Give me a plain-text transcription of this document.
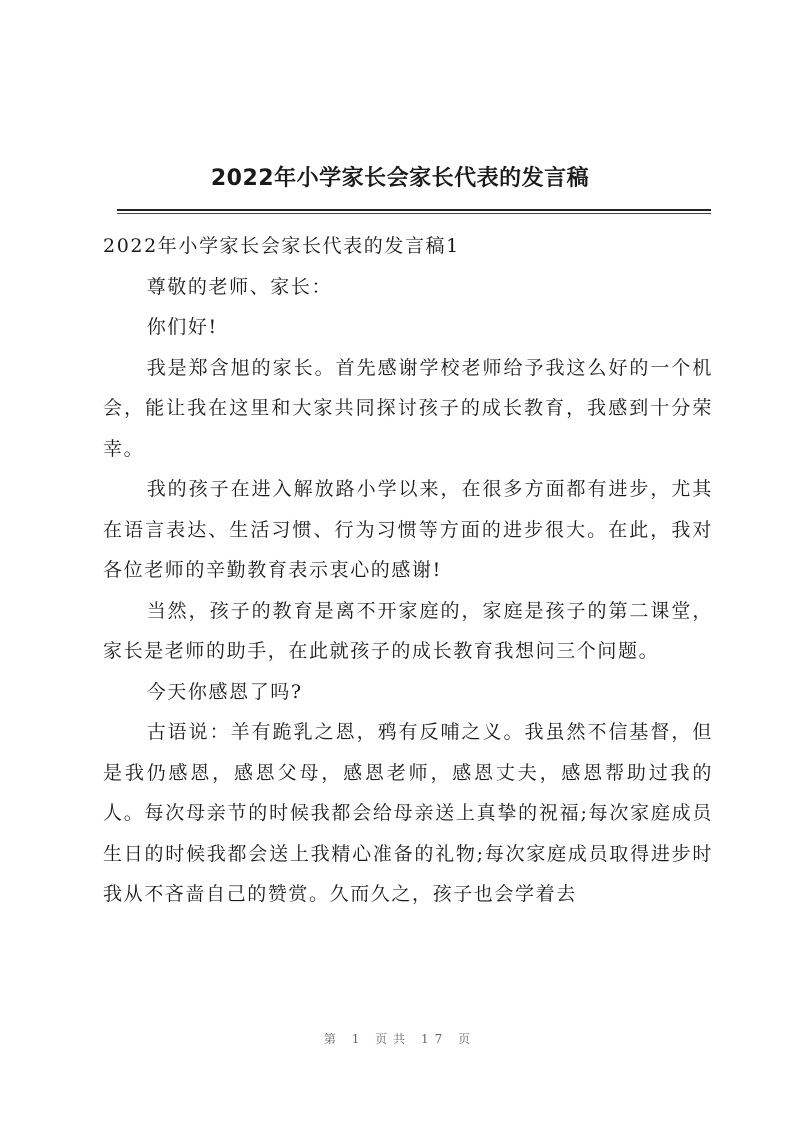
2022年小学家长会家长代表的发言稿

2022年小学家长会家长代表的发言稿1

尊敬的老师、家长：

你们好!

我是郑含旭的家长。首先感谢学校老师给予我这么好的一个机会，能让我在这里和大家共同探讨孩子的成长教育，我感到十分荣幸。

我的孩子在进入解放路小学以来，在很多方面都有进步，尤其在语言表达、生活习惯、行为习惯等方面的进步很大。在此，我对各位老师的辛勤教育表示衷心的感谢!

当然，孩子的教育是离不开家庭的，家庭是孩子的第二课堂，家长是老师的助手，在此就孩子的成长教育我想问三个问题。

今天你感恩了吗?

古语说：羊有跪乳之恩，鸦有反哺之义。我虽然不信基督，但是我仍感恩，感恩父母，感恩老师，感恩丈夫，感恩帮助过我的人。每次母亲节的时候我都会给母亲送上真挚的祝福;每次家庭成员生日的时候我都会送上我精心准备的礼物;每次家庭成员取得进步时我从不吝啬自己的赞赏。久而久之，孩子也会学着去

第 1 页共 17 页
